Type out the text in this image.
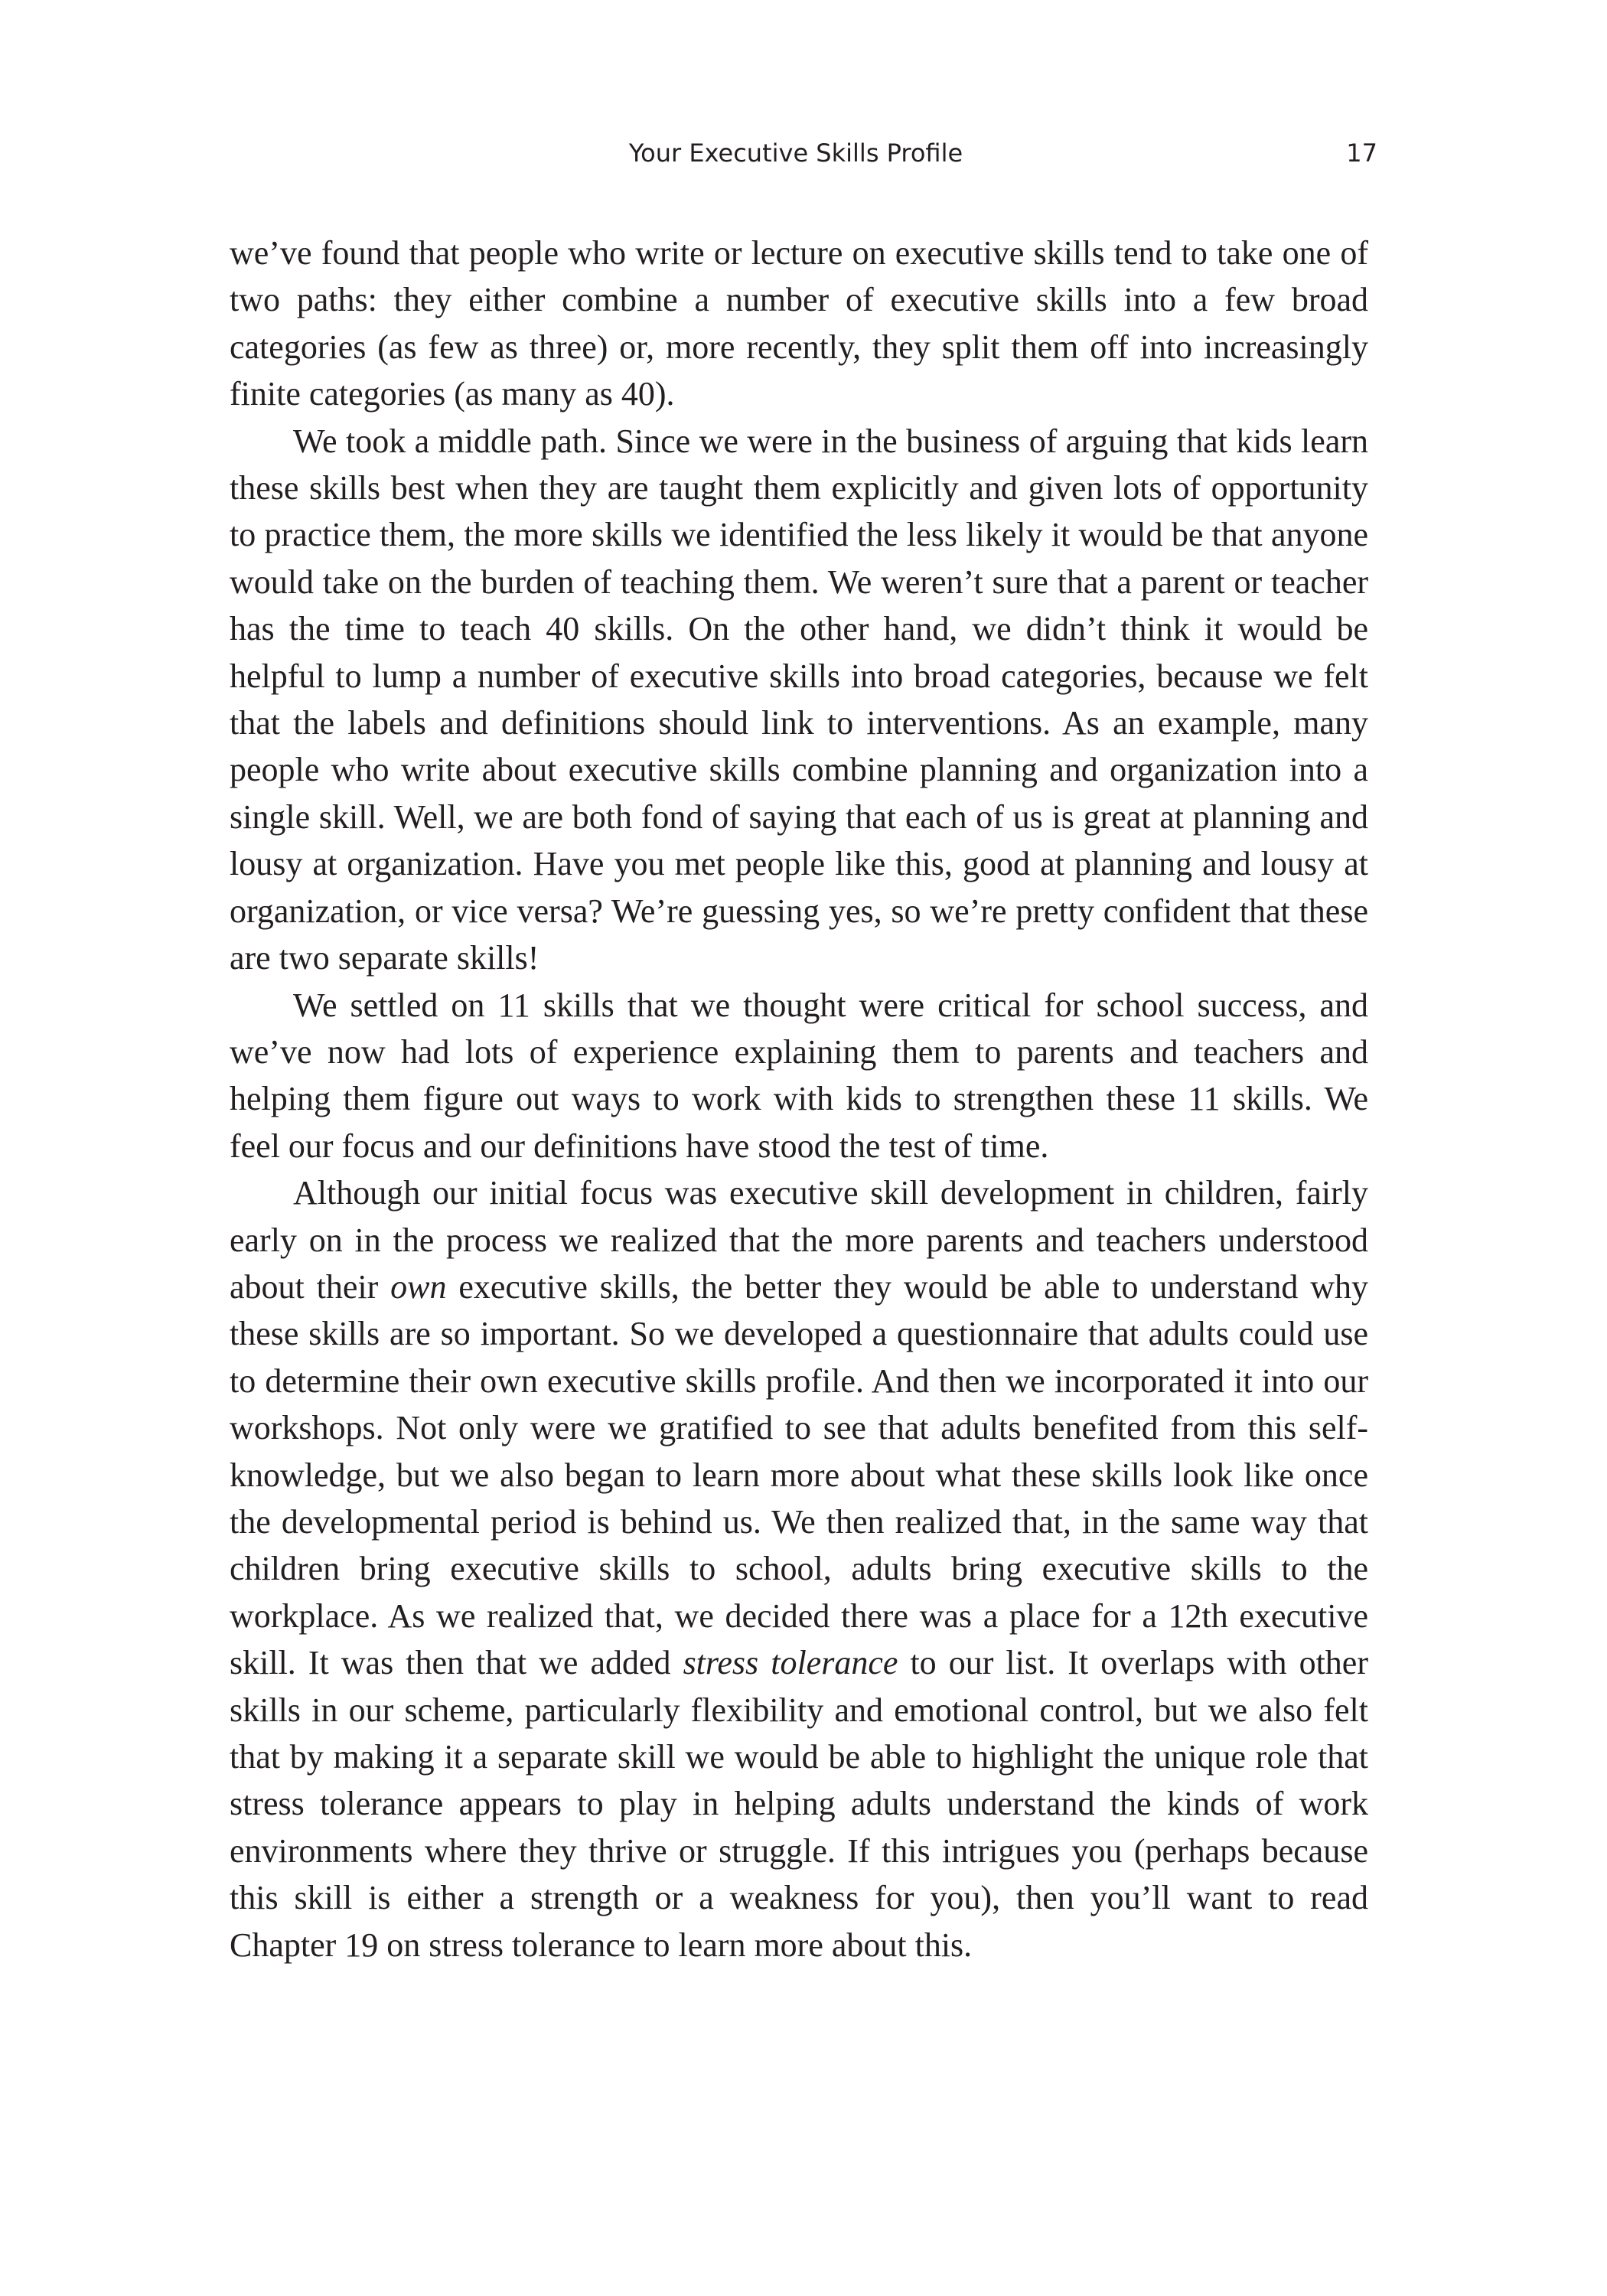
Your Executive Skills Profile	17

we’ve found that people who write or lecture on executive skills tend to take one of two paths: they either combine a number of executive skills into a few broad categories (as few as three) or, more recently, they split them off into increasingly finite categories (as many as 40).

We took a middle path. Since we were in the business of arguing that kids learn these skills best when they are taught them explicitly and given lots of opportunity to practice them, the more skills we identified the less likely it would be that anyone would take on the burden of teaching them. We weren’t sure that a parent or teacher has the time to teach 40 skills. On the other hand, we didn’t think it would be helpful to lump a number of executive skills into broad categories, because we felt that the labels and definitions should link to interventions. As an example, many people who write about executive skills combine planning and organization into a single skill. Well, we are both fond of saying that each of us is great at planning and lousy at organization. Have you met people like this, good at planning and lousy at organization, or vice versa? We’re guessing yes, so we’re pretty confident that these are two separate skills!

We settled on 11 skills that we thought were critical for school success, and we’ve now had lots of experience explaining them to parents and teachers and helping them figure out ways to work with kids to strengthen these 11 skills. We feel our focus and our definitions have stood the test of time.

Although our initial focus was executive skill development in children, fairly early on in the process we realized that the more parents and teachers understood about their own executive skills, the better they would be able to understand why these skills are so important. So we developed a questionnaire that adults could use to determine their own executive skills profile. And then we incorporated it into our workshops. Not only were we gratified to see that adults benefited from this self-knowledge, but we also began to learn more about what these skills look like once the developmental period is behind us. We then realized that, in the same way that children bring executive skills to school, adults bring executive skills to the workplace. As we realized that, we decided there was a place for a 12th executive skill. It was then that we added stress tolerance to our list. It overlaps with other skills in our scheme, particularly flexibility and emotional control, but we also felt that by making it a separate skill we would be able to highlight the unique role that stress tolerance appears to play in helping adults understand the kinds of work environments where they thrive or struggle. If this intrigues you (perhaps because this skill is either a strength or a weakness for you), then you’ll want to read Chapter 19 on stress tolerance to learn more about this.
